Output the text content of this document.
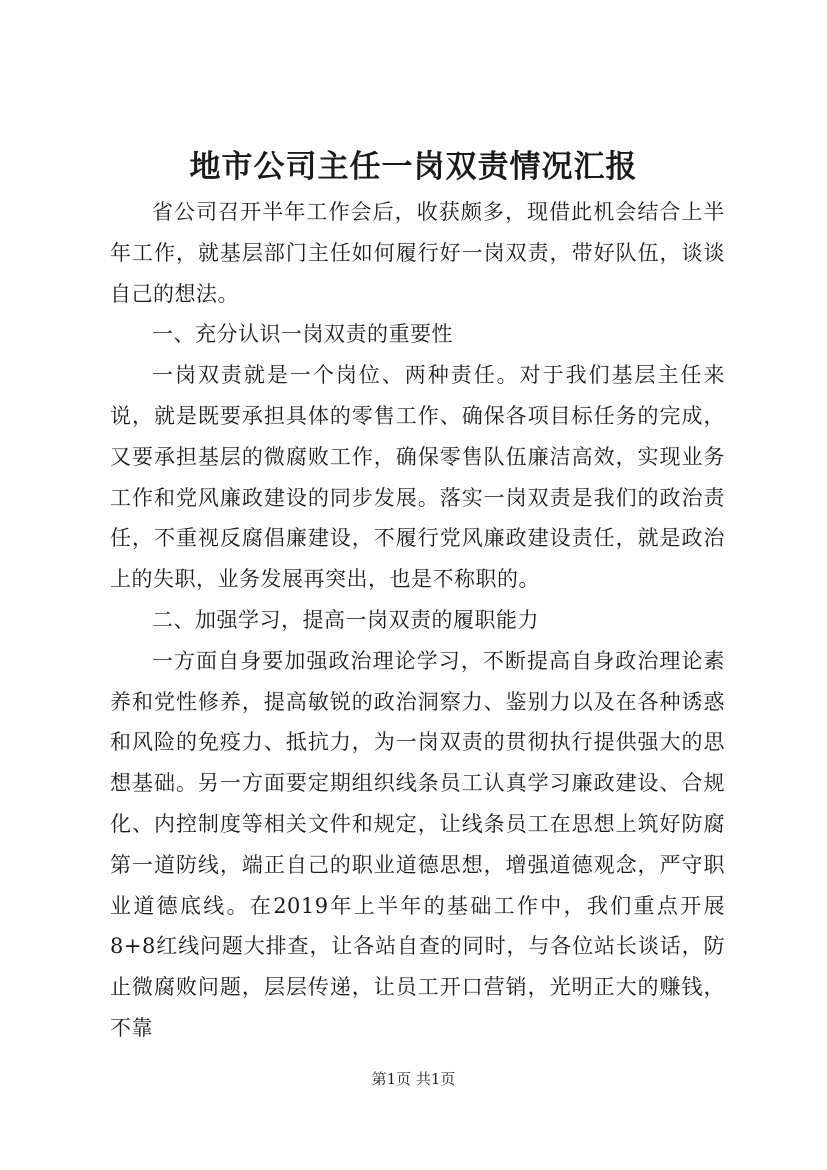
地市公司主任一岗双责情况汇报

省公司召开半年工作会后，收获颇多，现借此机会结合上半年工作，就基层部门主任如何履行好一岗双责，带好队伍，谈谈自己的想法。

一、充分认识一岗双责的重要性

一岗双责就是一个岗位、两种责任。对于我们基层主任来说，就是既要承担具体的零售工作、确保各项目标任务的完成，又要承担基层的微腐败工作，确保零售队伍廉洁高效，实现业务工作和党风廉政建设的同步发展。落实一岗双责是我们的政治责任，不重视反腐倡廉建设，不履行党风廉政建设责任，就是政治上的失职，业务发展再突出，也是不称职的。

二、加强学习，提高一岗双责的履职能力

一方面自身要加强政治理论学习，不断提高自身政治理论素养和党性修养，提高敏锐的政治洞察力、鉴别力以及在各种诱惑和风险的免疫力、抵抗力，为一岗双责的贯彻执行提供强大的思想基础。另一方面要定期组织线条员工认真学习廉政建设、合规化、内控制度等相关文件和规定，让线条员工在思想上筑好防腐第一道防线，端正自己的职业道德思想，增强道德观念，严守职业道德底线。在2019年上半年的基础工作中，我们重点开展8+8红线问题大排查，让各站自查的同时，与各位站长谈话，防止微腐败问题，层层传递，让员工开口营销，光明正大的赚钱，不靠

第1页 共1页
